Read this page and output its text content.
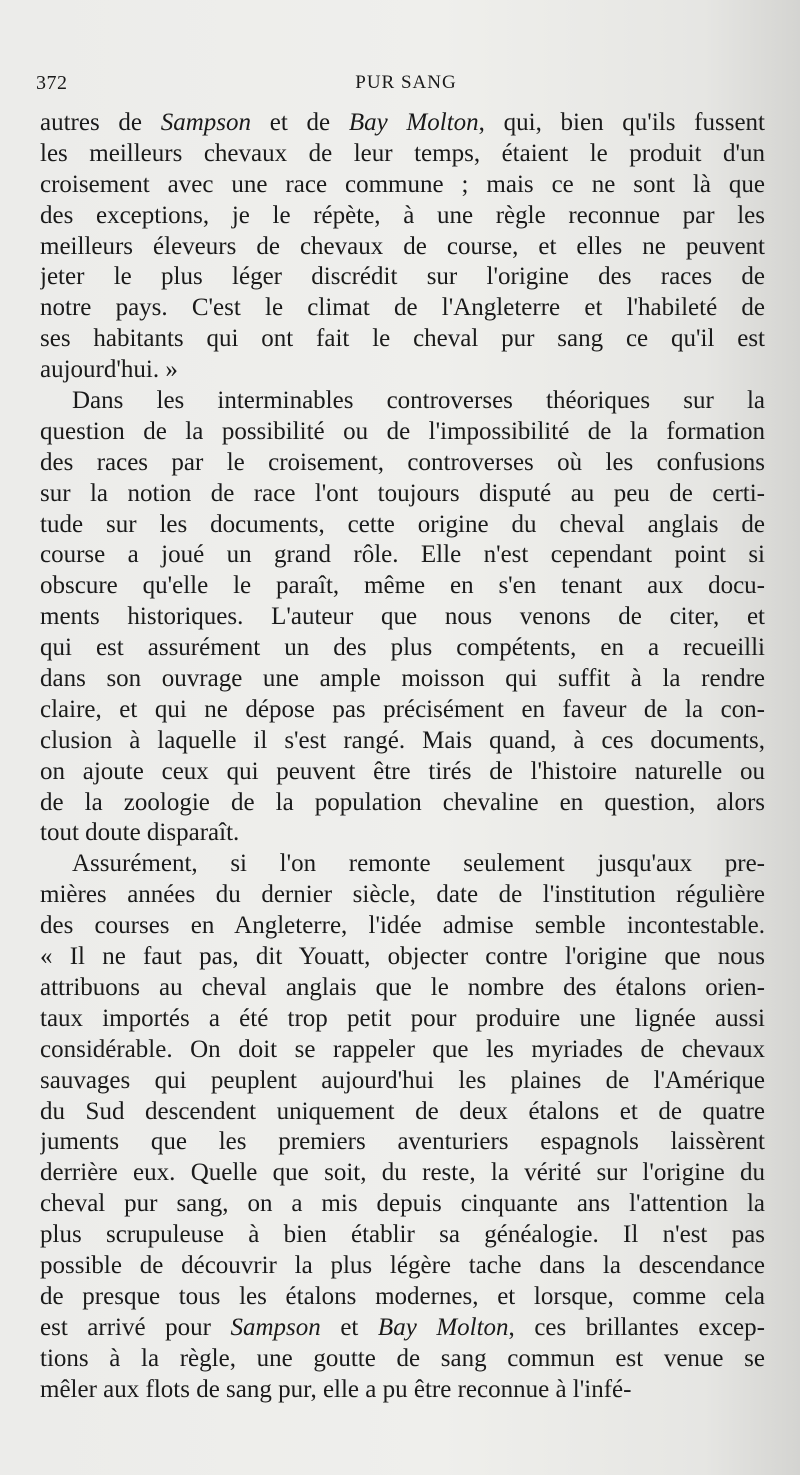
372	PUR SANG
autres de Sampson et de Bay Molton, qui, bien qu'ils fussent
les meilleurs chevaux de leur temps, étaient le produit d'un
croisement avec une race commune ; mais ce ne sont là que
des exceptions, je le répète, à une règle reconnue par les
meilleurs éleveurs de chevaux de course, et elles ne peuvent
jeter le plus léger discrédit sur l'origine des races de
notre pays. C'est le climat de l'Angleterre et l'habileté de
ses habitants qui ont fait le cheval pur sang ce qu'il est
aujourd'hui. »
Dans les interminables controverses théoriques sur la
question de la possibilité ou de l'impossibilité de la formation
des races par le croisement, controverses où les confusions
sur la notion de race l'ont toujours disputé au peu de certi-
tude sur les documents, cette origine du cheval anglais de
course a joué un grand rôle. Elle n'est cependant point si
obscure qu'elle le paraît, même en s'en tenant aux docu-
ments historiques. L'auteur que nous venons de citer, et
qui est assurément un des plus compétents, en a recueilli
dans son ouvrage une ample moisson qui suffit à la rendre
claire, et qui ne dépose pas précisément en faveur de la con-
clusion à laquelle il s'est rangé. Mais quand, à ces documents,
on ajoute ceux qui peuvent être tirés de l'histoire naturelle ou
de la zoologie de la population chevaline en question, alors
tout doute disparaît.
Assurément, si l'on remonte seulement jusqu'aux pre-
mières années du dernier siècle, date de l'institution régulière
des courses en Angleterre, l'idée admise semble incontestable.
« Il ne faut pas, dit Youatt, objecter contre l'origine que nous
attribuons au cheval anglais que le nombre des étalons orien-
taux importés a été trop petit pour produire une lignée aussi
considérable. On doit se rappeler que les myriades de chevaux
sauvages qui peuplent aujourd'hui les plaines de l'Amérique
du Sud descendent uniquement de deux étalons et de quatre
juments que les premiers aventuriers espagnols laissèrent
derrière eux. Quelle que soit, du reste, la vérité sur l'origine du
cheval pur sang, on a mis depuis cinquante ans l'attention la
plus scrupuleuse à bien établir sa généalogie. Il n'est pas
possible de découvrir la plus légère tache dans la descendance
de presque tous les étalons modernes, et lorsque, comme cela
est arrivé pour Sampson et Bay Molton, ces brillantes excep-
tions à la règle, une goutte de sang commun est venue se
mêler aux flots de sang pur, elle a pu être reconnue à l'infé-
